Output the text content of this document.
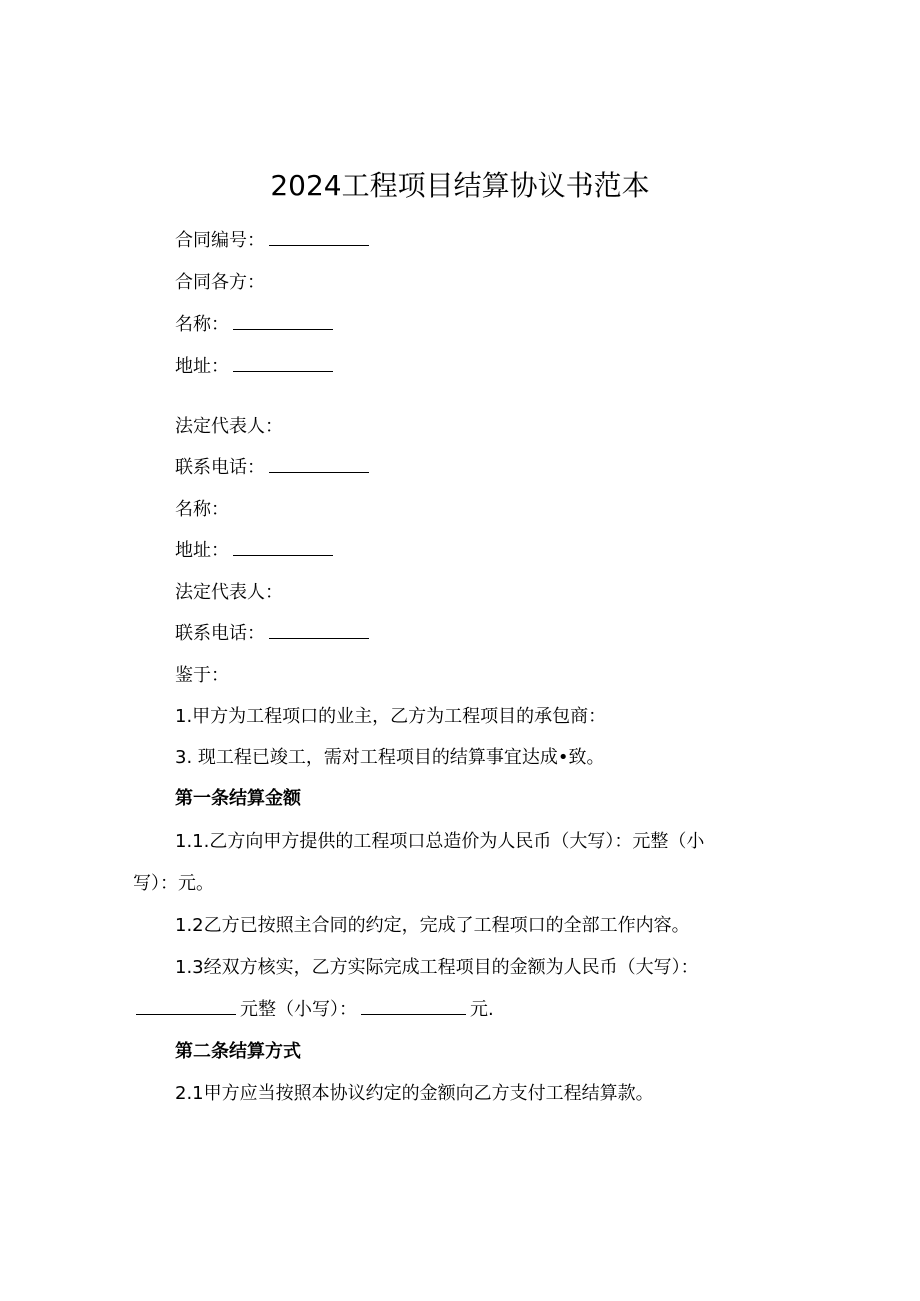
2024工程项目结算协议书范本
合同编号：
合同各方：
名称：
地址：
法定代表人：
联系电话：
名称：
地址：
法定代表人：
联系电话：
鉴于：
1.甲方为工程项口的业主，乙方为工程项目的承包商：
3. 现工程已竣工，需对工程项目的结算事宜达成•致。
第一条结算金额
1.1.乙方向甲方提供的工程项口总造价为人民币（大写）：元整（小
写）：元。
1.2乙方已按照主合同的约定，完成了工程项口的全部工作内容。
1.3经双方核实，乙方实际完成工程项目的金额为人民币（大写）：
元整（小写）：	元.
第二条结算方式
2.1甲方应当按照本协议约定的金额向乙方支付工程结算款。
